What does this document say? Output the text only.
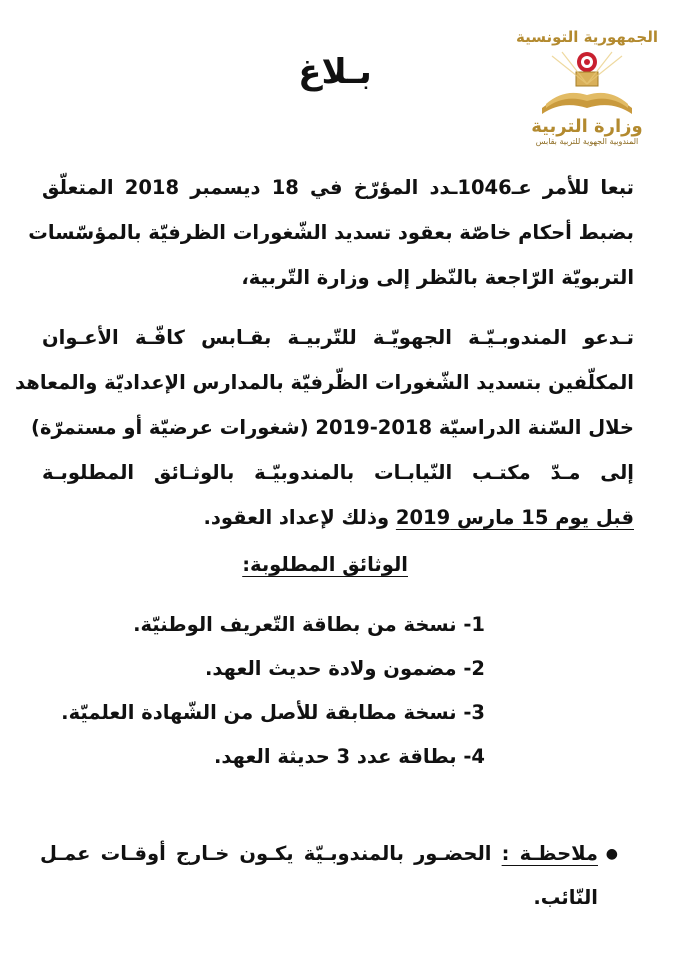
الجمهورية التونسية
وزارة التربية
المندوبية الجهوية للتربية بقابس
بـلاغ
تبعا للأمر عـ1046ـدد المؤرّخ في 18 ديسمبر 2018 المتعلّق
بضبط أحكام خاصّة بعقود تسديد الشّغورات الظرفيّة بالمؤسّسات
التربويّة الرّاجعة بالنّظر إلى وزارة التّربية،
تـدعو المندوبـيّـة الجهويّـة للتّربيـة بقـابس كافّـة الأعـوان
المكلّفين بتسديد الشّغورات الظّرفيّة بالمدارس الإعداديّة والمعاهد
خلال السّنة الدراسيّة 2018-2019 (شغورات عرضيّة أو مستمرّة)
إلى مـدّ مكتـب النّيابـات بالمندوبيّـة بالوثـائق المطلوبـة
قبل يوم 15 مارس 2019 وذلك لإعداد العقود.
الوثائق المطلوبة:
1- نسخة من بطاقة التّعريف الوطنيّة.
2- مضمون ولادة حديث العهد.
3- نسخة مطابقة للأصل من الشّهادة العلميّة.
4- بطاقة عدد 3 حديثة العهد.
●
ملاحظـة : الحضـور بالمندوبـيّة يكـون خـارج أوقـات عمـل
النّائب.
